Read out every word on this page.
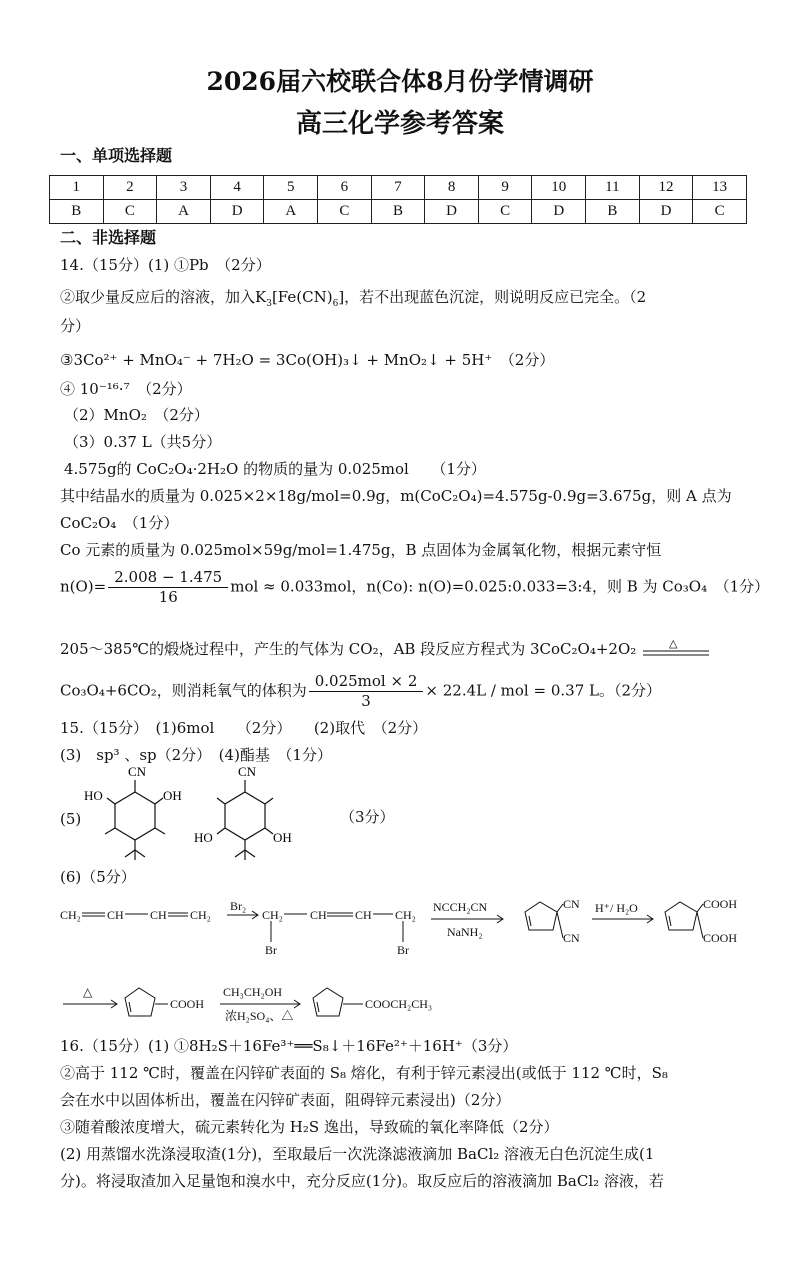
2026届六校联合体8月份学情调研
高三化学参考答案
一、单项选择题
1	2	3	4	5	6	7	8	9	10	11	12	13
B	C	A	D	A	C	B	D	C	D	B	D	C
二、非选择题
14.（15分）(1) ①Pb　（2分）
②取少量反应后的溶液，加入$K_3[Fe(CN)_6]$，若不出现蓝色沉淀，则说明反应已完全。（2
分）
③3Co²⁺ + MnO₄⁻ + 7H₂O = 3Co(OH)₃↓ + MnO₂↓ + 5H⁺　（2分）
④ 10⁻¹⁶·⁷　（2分）
（2）MnO₂　（2分）
（3）0.37 L（共5分）
4.575g的 CoC₂O₄·2H₂O 的物质的量为 0.025mol　　（1分）
其中结晶水的质量为 0.025×2×18g/mol=0.9g，m(CoC₂O₄)=4.575g-0.9g=3.675g，则 A 点为
CoC₂O₄　（1分）
Co 元素的质量为 0.025mol×59g/mol=1.475g，B 点固体为金属氧化物，根据元素守恒
$n(O)= \frac{2.008 - 1.475}{16}$ mol ≈ 0.033mol，n(Co): n(O)=0.025:0.033=3:4，则 B 为 Co₃O₄　（1分）
205～385℃的煅烧过程中，产生的气体为 CO₂，AB 段反应方程式为 3CoC₂O₄+2O₂	△
Co₃O₄+6CO₂，则消耗氧气的体积为 $\frac{\text{0.025mol × 2}}{3} \times 22.4L$ / mol = 0.37 L。（2分）
15.（15分）　(1)6mol　　（2分）　　(2)取代　（2分）
(3)　sp³ 、sp（2分）　(4)酯基　（1分）
(5)	（3分）
CN
HO	OH
CN
HO	OH
(6)（5分）
CH₂ CH CH CH₂
Br₂
CH₂ CH CH CH₂
Br	Br
NCCH₂CN
NaNH₂
CN
CN
H⁺/ H₂O	COOH
COOH
△
COOH
CH₃CH₂OH
浓H₂SO₄、△
COOCH₂CH₃
16.（15分）(1) ①8H₂S＋16Fe³⁺══S₈↓＋16Fe²⁺＋16H⁺（3分）
②高于 112 ℃时，覆盖在闪锌矿表面的 S₈ 熔化，有利于锌元素浸出(或低于 112 ℃时，S₈
会在水中以固体析出，覆盖在闪锌矿表面，阻碍锌元素浸出)（2分）
③随着酸浓度增大，硫元素转化为 H₂S 逸出，导致硫的氧化率降低（2分）
(2) 用蒸馏水洗涤浸取渣(1分)，至取最后一次洗涤滤液滴加 BaCl₂ 溶液无白色沉淀生成(1
分)。将浸取渣加入足量饱和溴水中，充分反应(1分)。取反应后的溶液滴加 BaCl₂ 溶液，若
